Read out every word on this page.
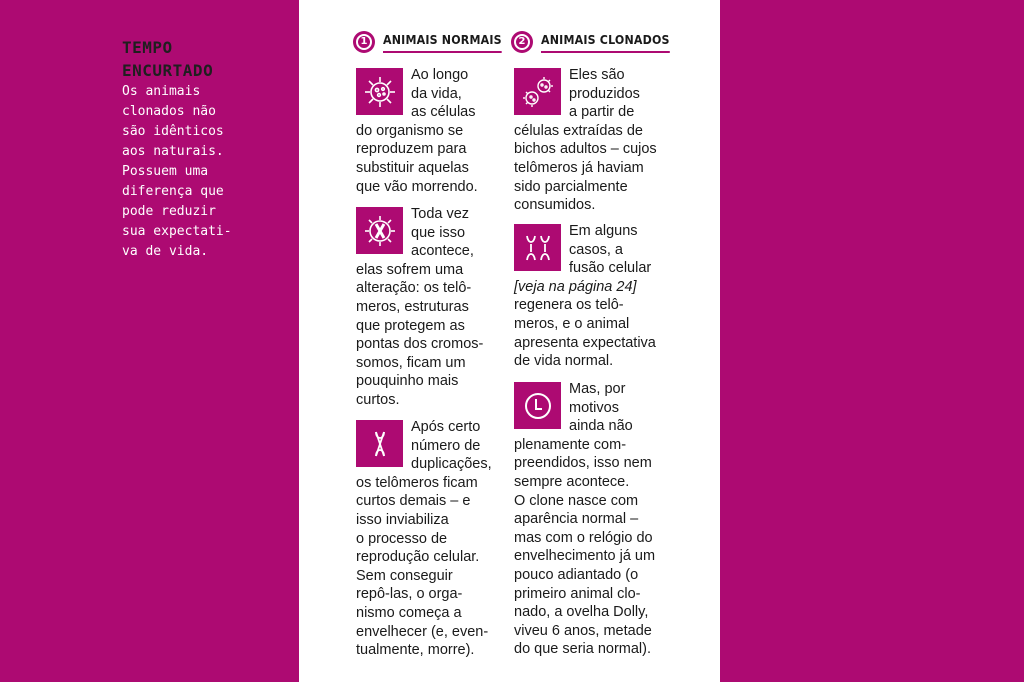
TEMPO
ENCURTADO

Os animais
clonados não
são idênticos
aos naturais.
Possuem uma
diferença que
pode reduzir
sua expectati-
va de vida.

1	ANIMAIS NORMAIS

Ao longo
da vida,
as células
do organismo se
reproduzem para
substituir aquelas
que vão morrendo.

Toda vez
que isso
acontece,
elas sofrem uma
alteração: os telô-
meros, estruturas
que protegem as
pontas dos cromos-
somos, ficam um
pouquinho mais
curtos.

Após certo
número de
duplicações,
os telômeros ficam
curtos demais – e
isso inviabiliza
o processo de
reprodução celular.
Sem conseguir
repô-las, o orga-
nismo começa a
envelhecer (e, even-
tualmente, morre).

2	ANIMAIS CLONADOS

Eles são
produzidos
a partir de
células extraídas de
bichos adultos – cujos
telômeros já haviam
sido parcialmente
consumidos.

Em alguns
casos, a
fusão celular
[veja na página 24]
regenera os telô-
meros, e o animal
apresenta expectativa
de vida normal.

Mas, por
motivos
ainda não
plenamente com-
preendidos, isso nem
sempre acontece.
O clone nasce com
aparência normal –
mas com o relógio do
envelhecimento já um
pouco adiantado (o
primeiro animal clo-
nado, a ovelha Dolly,
viveu 6 anos, metade
do que seria normal).
